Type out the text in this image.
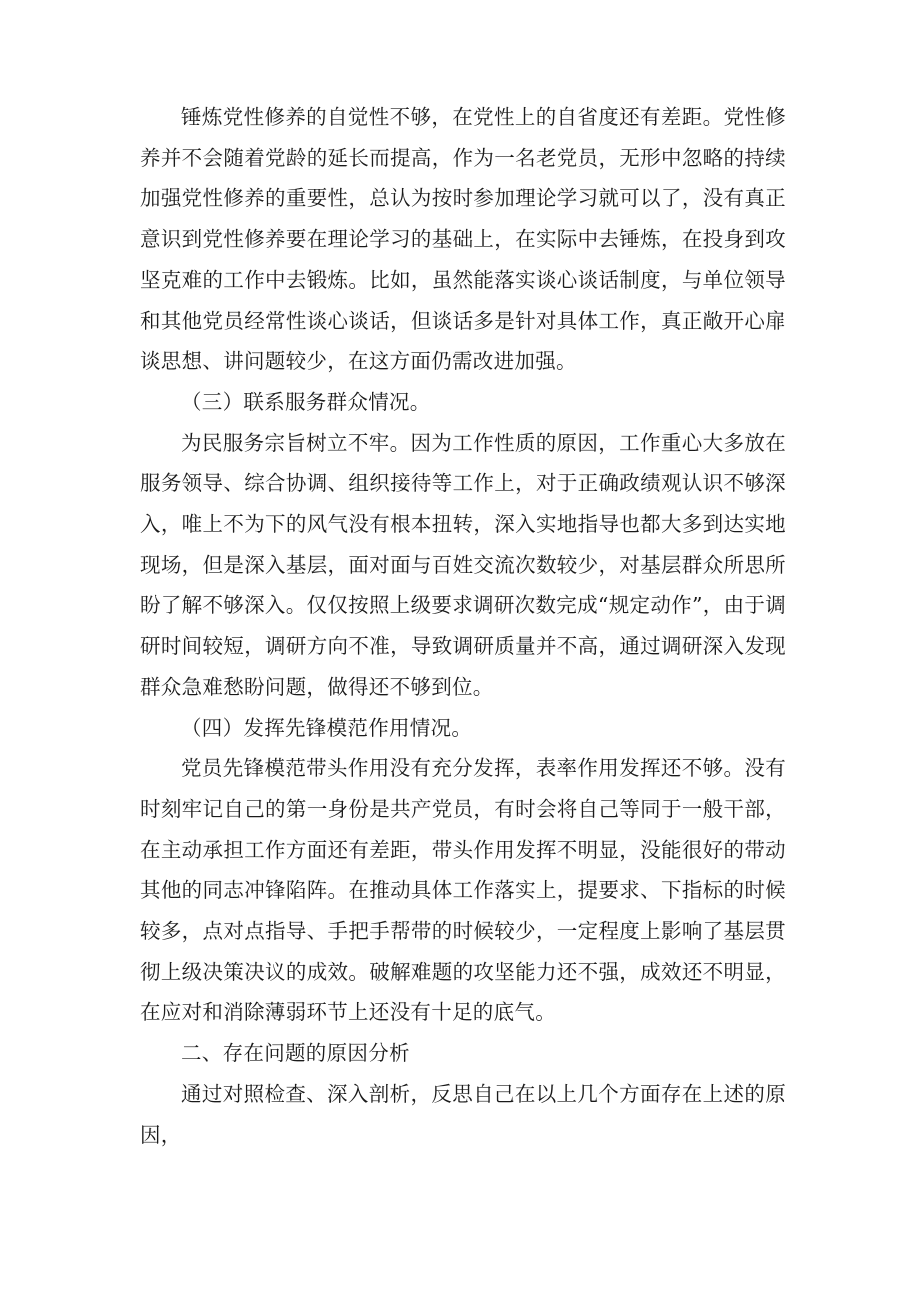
锤炼党性修养的自觉性不够，在党性上的自省度还有差距。党性修养并不会随着党龄的延长而提高，作为一名老党员，无形中忽略的持续加强党性修养的重要性，总认为按时参加理论学习就可以了，没有真正意识到党性修养要在理论学习的基础上，在实际中去锤炼，在投身到攻坚克难的工作中去锻炼。比如，虽然能落实谈心谈话制度，与单位领导和其他党员经常性谈心谈话，但谈话多是针对具体工作，真正敞开心扉谈思想、讲问题较少，在这方面仍需改进加强。

（三）联系服务群众情况。

为民服务宗旨树立不牢。因为工作性质的原因，工作重心大多放在服务领导、综合协调、组织接待等工作上，对于正确政绩观认识不够深入，唯上不为下的风气没有根本扭转，深入实地指导也都大多到达实地现场，但是深入基层，面对面与百姓交流次数较少，对基层群众所思所盼了解不够深入。仅仅按照上级要求调研次数完成“规定动作”，由于调研时间较短，调研方向不准，导致调研质量并不高，通过调研深入发现群众急难愁盼问题，做得还不够到位。

（四）发挥先锋模范作用情况。

党员先锋模范带头作用没有充分发挥，表率作用发挥还不够。没有时刻牢记自己的第一身份是共产党员，有时会将自己等同于一般干部，在主动承担工作方面还有差距，带头作用发挥不明显，没能很好的带动其他的同志冲锋陷阵。在推动具体工作落实上，提要求、下指标的时候较多，点对点指导、手把手帮带的时候较少，一定程度上影响了基层贯彻上级决策决议的成效。破解难题的攻坚能力还不强，成效还不明显，在应对和消除薄弱环节上还没有十足的底气。

二、存在问题的原因分析

通过对照检查、深入剖析，反思自己在以上几个方面存在上述的原因，
